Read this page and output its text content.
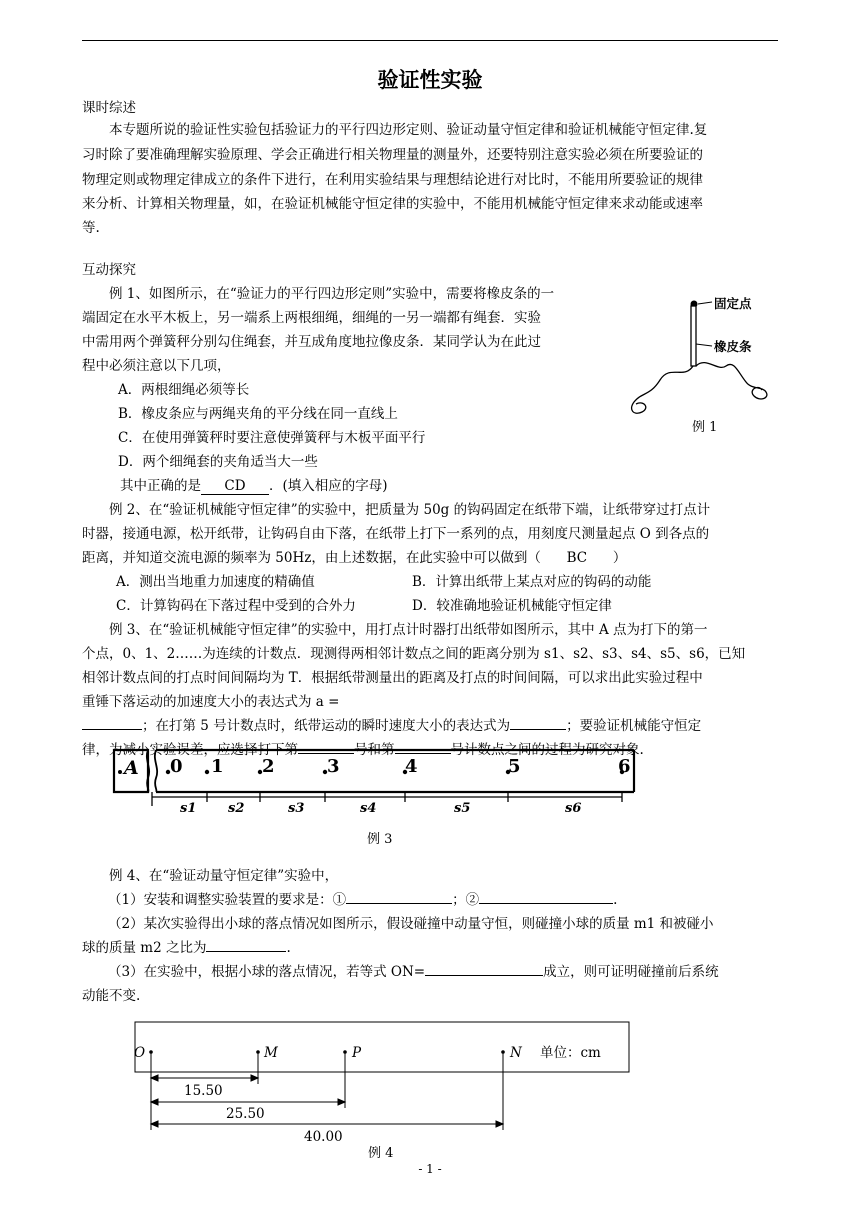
验证性实验
课时综述
本专题所说的验证性实验包括验证力的平行四边形定则、验证动量守恒定律和验证机械能守恒定律.复
习时除了要准确理解实验原理、学会正确进行相关物理量的测量外，还要特别注意实验必须在所要验证的
物理定则或物理定律成立的条件下进行，在利用实验结果与理想结论进行对比时，不能用所要验证的规律
来分析、计算相关物理量，如，在验证机械能守恒定律的实验中，不能用机械能守恒定律来求动能或速率
等.
互动探究
例 1、如图所示，在“验证力的平行四边形定则”实验中，需要将橡皮条的一
端固定在水平木板上，另一端系上两根细绳，细绳的一另一端都有绳套．实验
中需用两个弹簧秤分别勾住绳套，并互成角度地拉像皮条．某同学认为在此过
程中必须注意以下几项，
A．两根细绳必须等长
B．橡皮条应与两绳夹角的平分线在同一直线上
C．在使用弹簧秤时要注意使弹簧秤与木板平面平行
D．两个细绳套的夹角适当大一些
其中正确的是 CD ．(填入相应的字母)
固定点
橡皮条
例 1
例 2、在“验证机械能守恒定律”的实验中，把质量为 50g 的钩码固定在纸带下端，让纸带穿过打点计
时器，接通电源，松开纸带，让钩码自由下落，在纸带上打下一系列的点，用刻度尺测量起点 O 到各点的
距离，并知道交流电源的频率为 50Hz，由上述数据，在此实验中可以做到（ BC ）
A．测出当地重力加速度的精确值	B．计算出纸带上某点对应的钩码的动能
C．计算钩码在下落过程中受到的合外力	D．较准确地验证机械能守恒定律
例 3、在“验证机械能守恒定律”的实验中，用打点计时器打出纸带如图所示，其中 A 点为打下的第一
个点，0、1、2……为连续的计数点．现测得两相邻计数点之间的距离分别为 s1、s2、s3、s4、s5、s6，已知
相邻计数点间的打点时间间隔均为 T．根据纸带测量出的距离及打点的时间间隔，可以求出此实验过程中
重锤下落运动的加速度大小的表达式为 a =
；在打第 5 号计数点时，纸带运动的瞬时速度大小的表达式为	；要验证机械能守恒定
律，为减小实验误差，应选择打下第	号和第	号计数点之间的过程为研究对象.
A 0 1 2	3	4	5	6
s1 s2	s3	s4	s5	s6
例 3
例 4、在“验证动量守恒定律”实验中，
（1）安装和调整实验装置的要求是：①	；②	.
（2）某次实验得出小球的落点情况如图所示，假设碰撞中动量守恒，则碰撞小球的质量 m1 和被碰小
球的质量 m2 之比为	.
（3）在实验中，根据小球的落点情况，若等式 ON=	成立，则可证明碰撞前后系统
动能不变.
O	M	P	N 单位：cm
15.50
25.50
40.00
例 4
- 1 -
